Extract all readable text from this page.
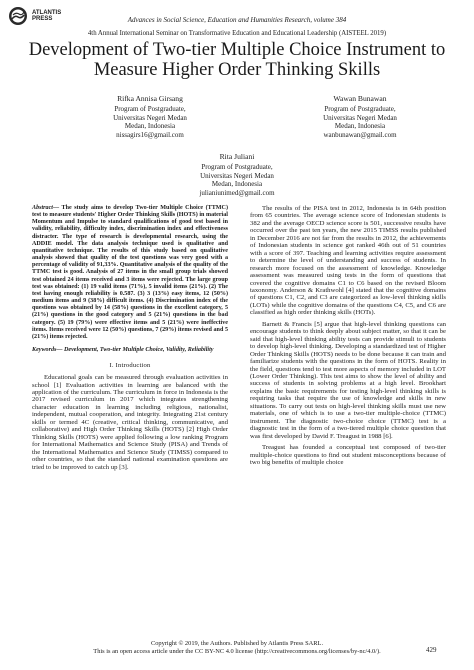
ATLANTIS
PRESS	Advances in Social Science, Education and Humanities Research, volume 384
4th Annual International Seminar on Transformative Education and Educational Leadership (AISTEEL 2019)
Development of Two-tier Multiple Choice Instrument to Measure Higher Order Thinking Skills
Rifka Annisa Girsang
Program of Postgraduate,
Universitas Negeri Medan
Medan, Indonesia
nissagirs16@gmail.com
Wawan Bunawan
Program of Postgraduate,
Universitas Negeri Medan
Medan, Indonesia
wanbunawan@gmail.com
Rita Juliani
Program of Postgraduate,
Universitas Negeri Medan
Medan, Indonesia
julianiunimed@gmail.com

Abstract— The study aims to develop Two-tier Multiple Choice (TTMC) test to measure students' Higher Order Thinking Skills (HOTS) in material Momentum and Impulse to standard qualifications of good test based in validity, reliability, difficulty index, discrimination index and effectiveness distracter. The type of research is developmental research, using the ADDIE model. The data analysis technique used is qualitative and quantitative technique. The results of this study based on qualitative analysis showed that quality of the test questions was very good with a percentage of validity of 91,33%. Quantitative analysis of the quality of the TTMC test is good. Analysis of 27 items in the small group trials showed test obtained 24 items received and 3 items were rejected. The large group test was obtained: (1) 19 valid items (71%), 5 invalid items (21%). (2) The test having enough reliability is 0.587. (3) 3 (13%) easy items, 12 (50%) medium items and 9 (38%) difficult items. (4) Discrimination index of the questions was obtained by 14 (58%) questions in the excellent category, 5 (21%) questions in the good category and 5 (21%) questions in the bad category. (5) 19 (79%) were effective items and 5 (21%) were ineffective items. Items received were 12 (50%) questions, 7 (29%) items revised and 5 (21%) items rejected.

Keywords— Development, Two-tier Multiple Choice, Validity, Reliability

I. Introduction

Educational goals can be measured through evaluation activities in school [1] Evaluation activities in learning are balanced with the application of the curriculum. The curriculum in force in Indonesia is the 2017 revised curriculum in 2017 which integrates strengthening character education in learning including religious, nationalist, independent, mutual cooperation, and integrity. Integrating 21st century skills or termed 4C (creative, critical thinking, communicative, and collaborative) and High Order Thinking Skills (HOTS) [2] High Order Thinking Skills (HOTS) were applied following a low ranking Program for International Mathematics and Science Study (PISA) and Trends of the International Mathematics and Science Study (TIMSS) compared to other countries, so that the standard national examination questions are tried to be improved to catch up [3].

The results of the PISA test in 2012, Indonesia is in 64th position from 65 countries. The average science score of Indonesian students is 382 and the average OECD science score is 501, successive results have occurred over the past ten years, the new 2015 TIMSS results published in December 2016 are not far from the results in 2012, the achievements of Indonesian students in science got ranked 46th out of 51 countries with a score of 397. Teaching and learning activities require assessment to determine the level of understanding and success of students. In research more focused on the assessment of knowledge. Knowledge assessment was measured using tests in the form of questions that covered the cognitive domains C1 to C6 based on the revised Bloom taxonomy. Anderson & Krathwohl [4] stated that the cognitive domains of questions C1, C2, and C3 are categorized as low-level thinking skills (LOTs) while the cognitive domains of the questions C4, C5, and C6 are classified as high order thinking skills (HOTs).

Barnett & Francis [5] argue that high-level thinking questions can encourage students to think deeply about subject matter, so that it can be said that high-level thinking ability tests can provide stimuli to students to develop high-level thinking. Developing a standardized test of Higher Order Thinking Skills (HOTS) needs to be done because it can train and familiarize students with the questions in the form of HOTS. Reality in the field, questions tend to test more aspects of memory included in LOT (Lower Order Thinking). This test aims to show the level of ability and success of students in solving problems at a high level. Brookhart explains the basic requirements for testing high-level thinking skills is requiring tasks that require the use of knowledge and skills in new situations. To carry out tests on high-level thinking skills must use new materials, one of which is to use a two-tier multiple-choice (TTMC) instrument. The diagnostic two-choice choice (TTMC) test is a diagnostic test in the form of a two-tiered multiple choice question that was first developed by David F. Treagust in 1988 [6].

Treagust has founded a conceptual test composed of two-tier multiple-choice questions to find out student misconceptions because of two big benefits of multiple choice

Copyright © 2019, the Authors. Published by Atlantis Press SARL.
This is an open access article under the CC BY-NC 4.0 license (http://creativecommons.org/licenses/by-nc/4.0/).	429
